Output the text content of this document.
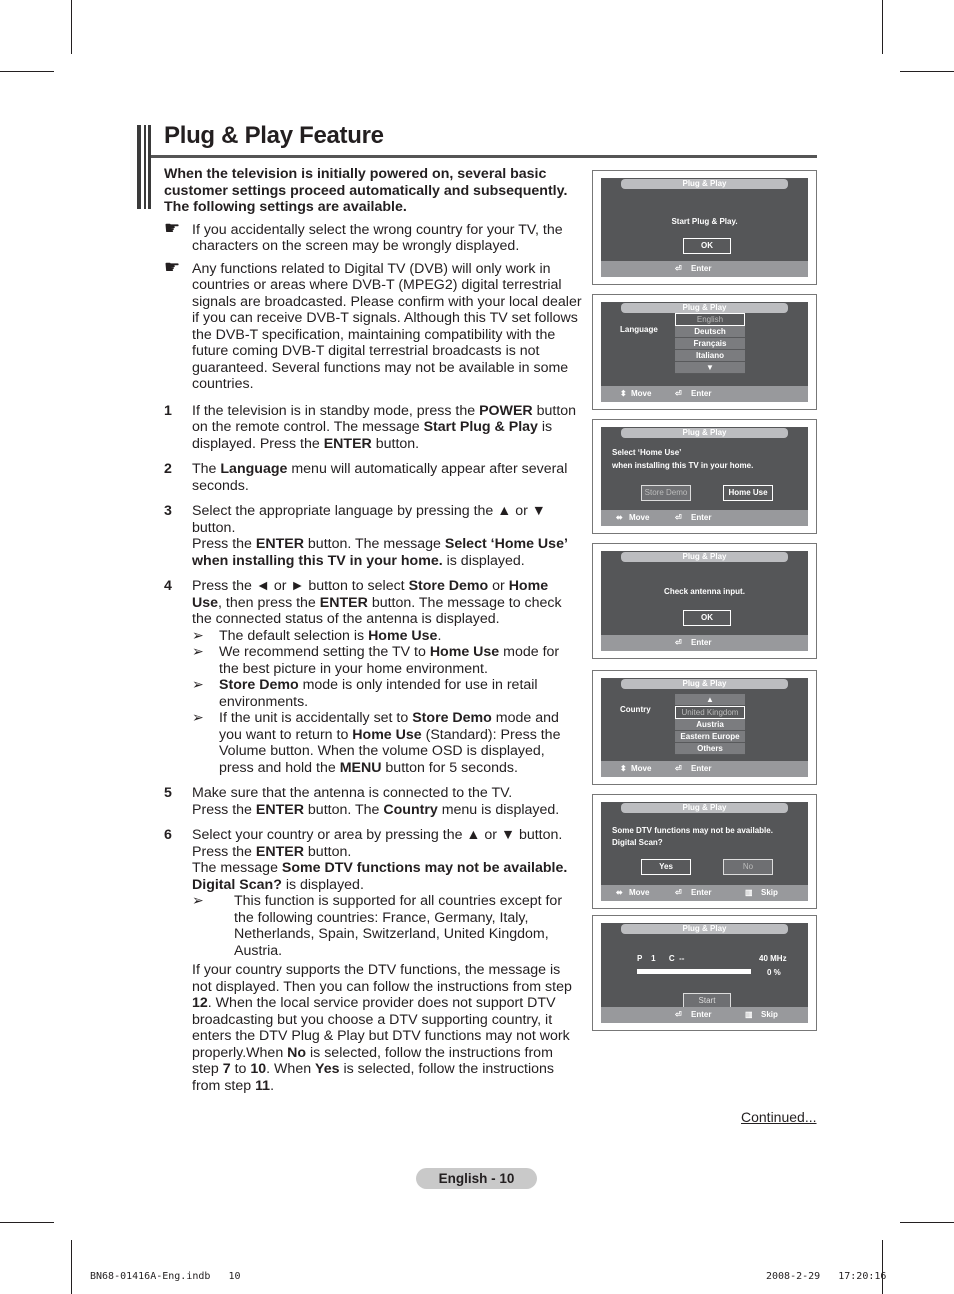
Plug & Play Feature

When the television is initially powered on, several basic customer settings proceed automatically and subsequently. The following settings are available.

☛ If you accidentally select the wrong country for your TV, the characters on the screen may be wrongly displayed.

☛ Any functions related to Digital TV (DVB) will only work in countries or areas where DVB-T (MPEG2) digital terrestrial signals are broadcasted. Please confirm with your local dealer if you can receive DVB-T signals. Although this TV set follows the DVB-T specification, maintaining compatibility with the future coming DVB-T digital terrestrial broadcasts is not guaranteed. Several functions may not be available in some countries.

1 If the television is in standby mode, press the POWER button on the remote control. The message Start Plug & Play is displayed. Press the ENTER button.
2 The Language menu will automatically appear after several seconds.
3 Select the appropriate language by pressing the ▲ or ▼ button.
Press the ENTER button. The message Select ‘Home Use’ when installing this TV in your home. is displayed.
4 Press the ◄ or ► button to select Store Demo or Home Use, then press the ENTER button. The message to check the connected status of the antenna is displayed.

➢ The default selection is Home Use.

➢ We recommend setting the TV to Home Use mode for the best picture in your home environment.

➢ Store Demo mode is only intended for use in retail environments.

➢ If the unit is accidentally set to Store Demo mode and you want to return to Home Use (Standard): Press the Volume button. When the volume OSD is displayed, press and hold the MENU button for 5 seconds.

5 Make sure that the antenna is connected to the TV.
Press the ENTER button. The Country menu is displayed.
6 Select your country or area by pressing the ▲ or ▼ button.
Press the ENTER button.
The message Some DTV functions may not be available. Digital Scan? is displayed.

➢ This function is supported for all countries except for the following countries: France, Germany, Italy, Netherlands, Spain, Switzerland, United Kingdom, Austria.

If your country supports the DTV functions, the message is not displayed. Then you can follow the instructions from step 12. When the local service provider does not support DTV broadcasting but you choose a DTV supporting country, it enters the DTV Plug & Play but DTV functions may not work properly.When No is selected, follow the instructions from step 7 to 10. When Yes is selected, follow the instructions from step 11.

Plug & Play
Start Plug & Play.
OK
⏎ Enter
Plug & Play
Language
English
Deutsch
Français
Italiano
▼
⬍ Move	⏎ Enter
Plug & Play
Select ‘Home Use’
when installing this TV in your home.
Store Demo	Home Use
⬌ Move	⏎ Enter
Plug & Play
Check antenna input.
OK
⏎ Enter
Plug & Play
Country
▲
United Kingdom
Austria
Eastern Europe
Others
⬍ Move	⏎ Enter
Plug & Play
Some DTV functions may not be available.
Digital Scan?
Yes	No
⬌ Move	⏎ Enter	▥ Skip
Plug & Play
P    1      C  --	40 MHz
0 %
Start
⏎ Enter	▥ Skip
Continued...
English - 10
BN68-01416A-Eng.indb   10	2008-2-29   17:20:16
